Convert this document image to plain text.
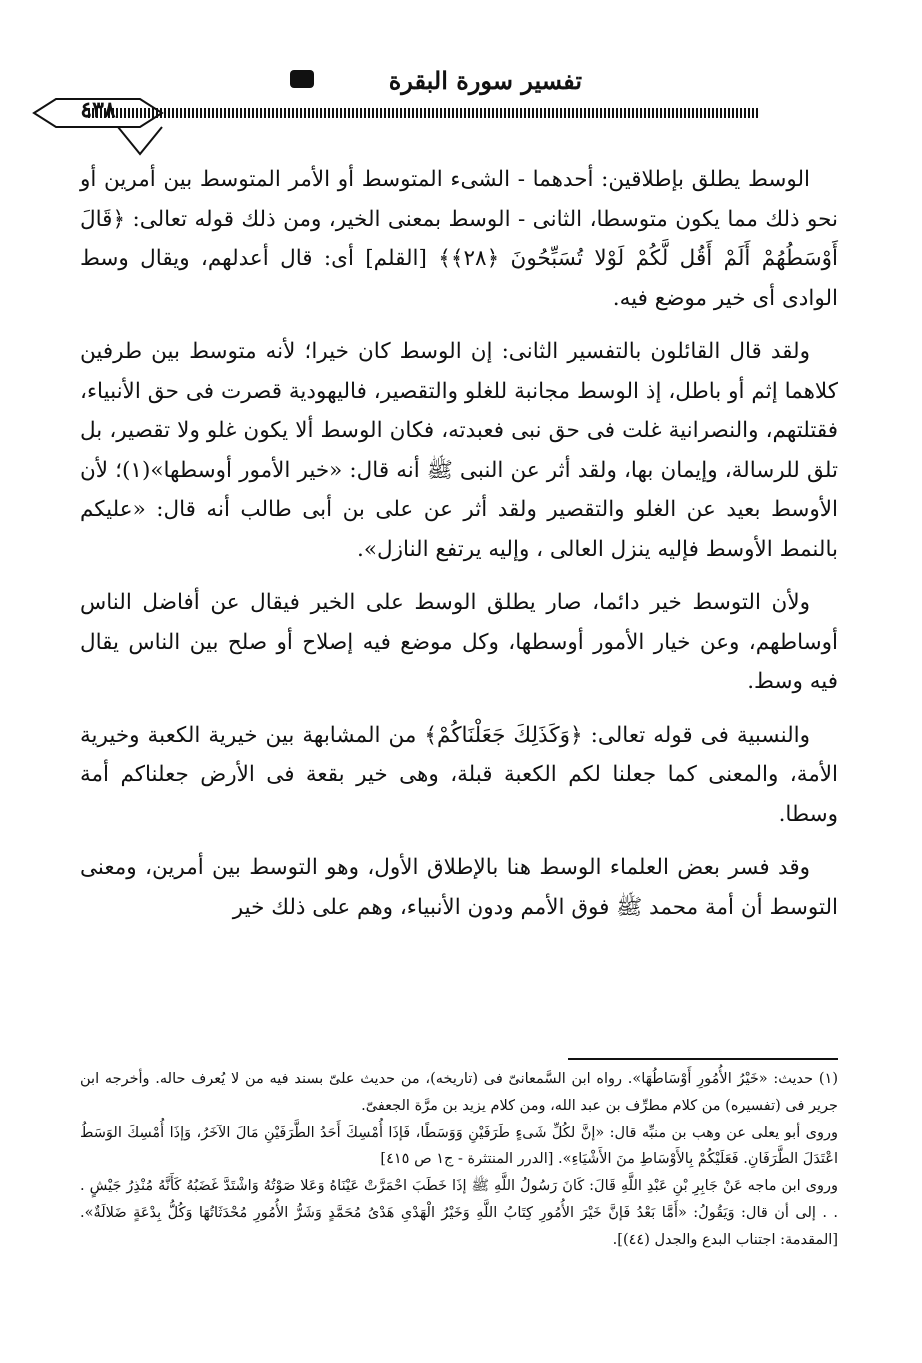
تفسير سورة البقرة
٤٣٨

الوسط يطلق بإطلاقين: أحدهما - الشىء المتوسط أو الأمر المتوسط بين أمرين أو نحو ذلك مما يكون متوسطا، الثانى - الوسط بمعنى الخير، ومن ذلك قوله تعالى: ﴿قَالَ أَوْسَطُهُمْ أَلَمْ أَقُل لَّكُمْ لَوْلا تُسَبِّحُونَ ﴿٢٨﴾﴾ [القلم] أى: قال أعدلهم، ويقال وسط الوادى أى خير موضع فيه.

ولقد قال القائلون بالتفسير الثانى: إن الوسط كان خيرا؛ لأنه متوسط بين طرفين كلاهما إثم أو باطل، إذ الوسط مجانبة للغلو والتقصير، فاليهودية قصرت فى حق الأنبياء، فقتلتهم، والنصرانية غلت فى حق نبى فعبدته، فكان الوسط ألا يكون غلو ولا تقصير، بل تلق للرسالة، وإيمان بها، ولقد أثر عن النبى ﷺ أنه قال: «خير الأمور أوسطها»(١)؛ لأن الأوسط بعيد عن الغلو والتقصير ولقد أثر عن على بن أبى طالب أنه قال: «عليكم بالنمط الأوسط فإليه ينزل العالى ، وإليه يرتفع النازل».

ولأن التوسط خير دائما، صار يطلق الوسط على الخير فيقال عن أفاضل الناس أوساطهم، وعن خيار الأمور أوسطها، وكل موضع فيه إصلاح أو صلح بين الناس يقال فيه وسط.

والنسبية فى قوله تعالى: ﴿وَكَذَلِكَ جَعَلْنَاكُمْ﴾ من المشابهة بين خيرية الكعبة وخيرية الأمة، والمعنى كما جعلنا لكم الكعبة قبلة، وهى خير بقعة فى الأرض جعلناكم أمة وسطا.

وقد فسر بعض العلماء الوسط هنا بالإطلاق الأول، وهو التوسط بين أمرين، ومعنى التوسط أن أمة محمد ﷺ فوق الأمم ودون الأنبياء، وهم على ذلك خير

(١) حديث: «خَيْرُ الأُمُورِ أَوْسَاطُهَا». رواه ابن السَّمعانىّ فى (تاريخه)، من حديث علىّ بسند فيه من لا يُعرف حاله. وأخرجه ابن جرير فى (تفسيره) من كلام مطرِّف بن عبد الله، ومن كلام يزيد بن مرَّة الجعفىّ.

وروى أبو يعلى عن وهب بن منبِّه قال: «إنَّ لكُلِّ شَىءٍ طَرَفَيْنِ وَوَسَطًا، فَإذَا أُمْسِكَ أَحَدُ الطَّرَفَيْنِ مَالَ الآخَرُ، وَإذَا أُمْسِكَ الوَسَطُ اعْتَدَلَ الطَّرَفَانِ. فَعَلَيْكُمْ بِالأَوْسَاطِ منَ الأَشْيَاءِ». [الدرر المنتثرة - ج١ ص ٤١٥]

وروى ابن ماجه عَنْ جَابِرِ بْنِ عَبْدِ اللَّهِ قَالَ: كَانَ رَسُولُ اللَّهِ ﷺ إذَا خَطَبَ احْمَرَّتْ عَيْنَاهُ وَعَلا صَوْتُهُ وَاشْتَدَّ غَضَبُهُ كَأَنَّهُ مُنْذِرُ جَيْشٍ . . . إلى أن قال: وَيَقُولُ: «أَمَّا بَعْدُ فَإنَّ خَيْرَ الأُمُورِ كِتَابُ اللَّهِ وَخَيْرُ الْهَدْىِ هَدْىُ مُحَمَّدٍ وَشَرُّ الأُمُورِ مُحْدَثَاتُهَا وَكُلُّ بِدْعَةٍ ضَلالَةٌ». [المقدمة: اجتناب البدع والجدل (٤٤)].
